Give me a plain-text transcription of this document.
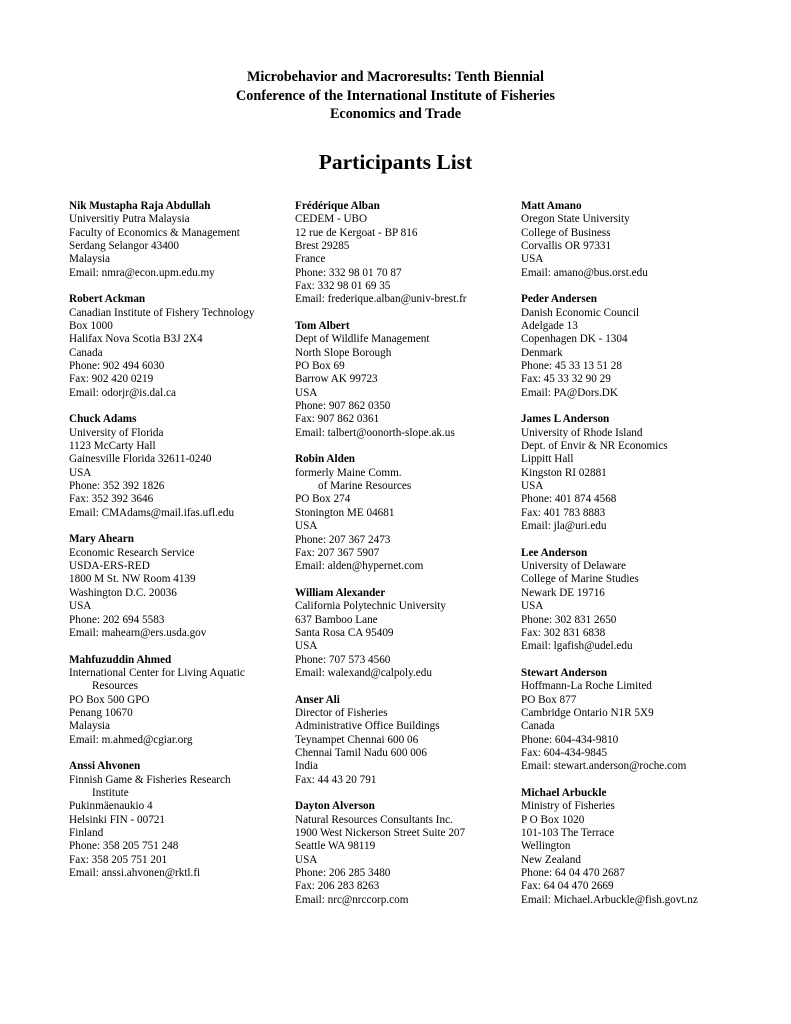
Microbehavior and Macroresults: Tenth Biennial
Conference of the International Institute of Fisheries
Economics and Trade
Participants List
Nik Mustapha Raja Abdullah
Universitiy Putra Malaysia
Faculty of Economics & Management
Serdang Selangor 43400
Malaysia
Email: nmra@econ.upm.edu.my
Robert Ackman
Canadian Institute of Fishery Technology
Box 1000
Halifax Nova Scotia B3J 2X4
Canada
Phone: 902 494 6030
Fax: 902 420 0219
Email: odorjr@is.dal.ca
Chuck Adams
University of Florida
1123 McCarty Hall
Gainesville Florida 32611-0240
USA
Phone: 352 392 1826
Fax: 352 392 3646
Email: CMAdams@mail.ifas.ufl.edu
Mary Ahearn
Economic Research Service
USDA-ERS-RED
1800 M St. NW Room 4139
Washington D.C. 20036
USA
Phone: 202 694 5583
Email: mahearn@ers.usda.gov
Mahfuzuddin Ahmed
International Center for Living Aquatic
Resources
PO Box 500 GPO
Penang 10670
Malaysia
Email: m.ahmed@cgiar.org
Anssi Ahvonen
Finnish Game & Fisheries Research
Institute
Pukinmäenaukio 4
Helsinki FIN - 00721
Finland
Phone: 358 205 751 248
Fax: 358 205 751 201
Email: anssi.ahvonen@rktl.fi
Frédérique Alban
CEDEM - UBO
12 rue de Kergoat - BP 816
Brest 29285
France
Phone: 332 98 01 70 87
Fax: 332 98 01 69 35
Email: frederique.alban@univ-brest.fr
Tom Albert
Dept of Wildlife Management
North Slope Borough
PO Box 69
Barrow AK 99723
USA
Phone: 907 862 0350
Fax: 907 862 0361
Email: talbert@oonorth-slope.ak.us
Robin Alden
formerly Maine Comm.
of Marine Resources
PO Box 274
Stonington ME 04681
USA
Phone: 207 367 2473
Fax: 207 367 5907
Email: alden@hypernet.com
William Alexander
California Polytechnic University
637 Bamboo Lane
Santa Rosa CA 95409
USA
Phone: 707 573 4560
Email: walexand@calpoly.edu
Anser Ali
Director of Fisheries
Administrative Office Buildings
Teynampet Chennai 600 06
Chennai Tamil Nadu 600 006
India
Fax: 44 43 20 791
Dayton Alverson
Natural Resources Consultants Inc.
1900 West Nickerson Street Suite 207
Seattle WA 98119
USA
Phone: 206 285 3480
Fax: 206 283 8263
Email: nrc@nrccorp.com
Matt Amano
Oregon State University
College of Business
Corvallis OR 97331
USA
Email: amano@bus.orst.edu
Peder Andersen
Danish Economic Council
Adelgade 13
Copenhagen DK - 1304
Denmark
Phone: 45 33 13 51 28
Fax: 45 33 32 90 29
Email: PA@Dors.DK
James L Anderson
University of Rhode Island
Dept. of Envir & NR Economics
Lippitt Hall
Kingston RI 02881
USA
Phone: 401 874 4568
Fax: 401 783 8883
Email: jla@uri.edu
Lee Anderson
University of Delaware
College of Marine Studies
Newark DE 19716
USA
Phone: 302 831 2650
Fax: 302 831 6838
Email: lgafish@udel.edu
Stewart Anderson
Hoffmann-La Roche Limited
PO Box 877
Cambridge Ontario N1R 5X9
Canada
Phone: 604-434-9810
Fax: 604-434-9845
Email: stewart.anderson@roche.com
Michael Arbuckle
Ministry of Fisheries
P O Box 1020
101-103 The Terrace
Wellington
New Zealand
Phone: 64 04 470 2687
Fax: 64 04 470 2669
Email: Michael.Arbuckle@fish.govt.nz
